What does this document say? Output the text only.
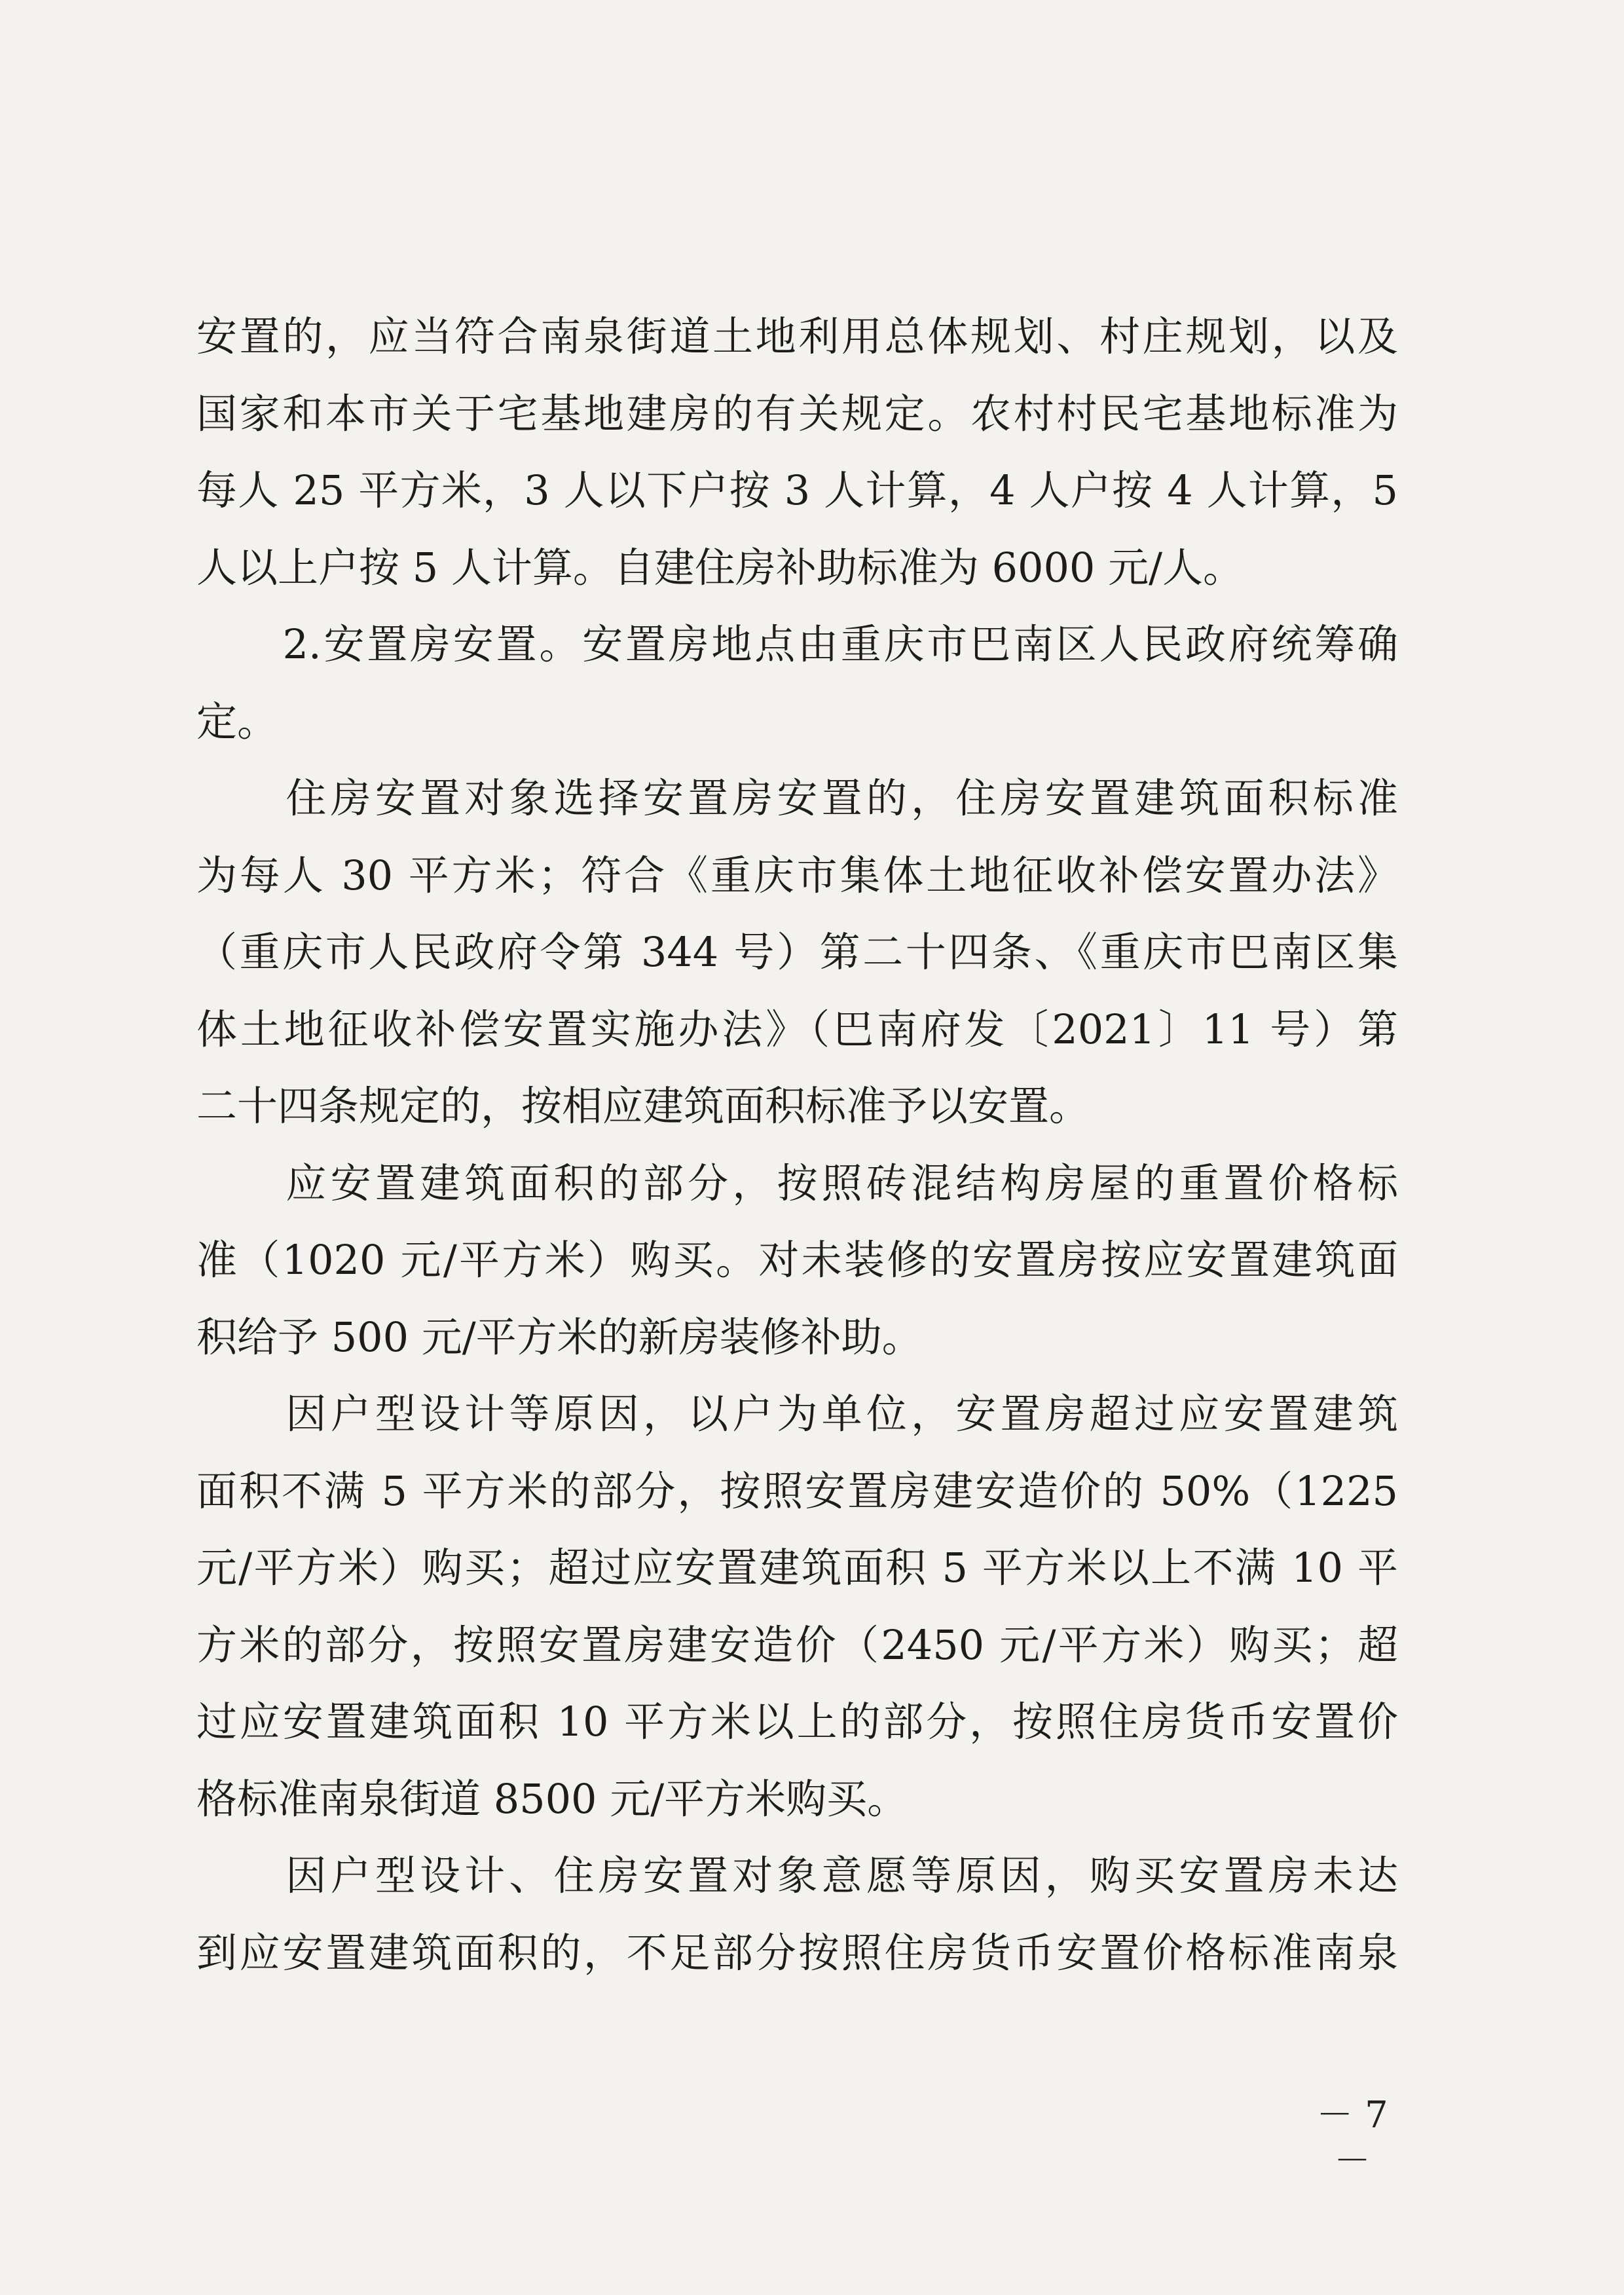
安置的，应当符合南泉街道土地利用总体规划、村庄规划，以及
国家和本市关于宅基地建房的有关规定。农村村民宅基地标准为
每人 25 平方米，3 人以下户按 3 人计算，4 人户按 4 人计算，5
人以上户按 5 人计算。自建住房补助标准为 6000 元/人。
　　2.安置房安置。安置房地点由重庆市巴南区人民政府统筹确
定。
　　住房安置对象选择安置房安置的，住房安置建筑面积标准
为每人 30 平方米；符合《重庆市集体土地征收补偿安置办法》
（重庆市人民政府令第 344 号）第二十四条、《重庆市巴南区集
体土地征收补偿安置实施办法》（巴南府发〔2021〕11 号）第
二十四条规定的，按相应建筑面积标准予以安置。
　　应安置建筑面积的部分，按照砖混结构房屋的重置价格标
准（1020 元/平方米）购买。对未装修的安置房按应安置建筑面
积给予 500 元/平方米的新房装修补助。
　　因户型设计等原因，以户为单位，安置房超过应安置建筑
面积不满 5 平方米的部分，按照安置房建安造价的 50%（1225
元/平方米）购买；超过应安置建筑面积 5 平方米以上不满 10 平
方米的部分，按照安置房建安造价（2450 元/平方米）购买；超
过应安置建筑面积 10 平方米以上的部分，按照住房货币安置价
格标准南泉街道 8500 元/平方米购买。
　　因户型设计、住房安置对象意愿等原因，购买安置房未达
到应安置建筑面积的，不足部分按照住房货币安置价格标准南泉
－ 7 －
